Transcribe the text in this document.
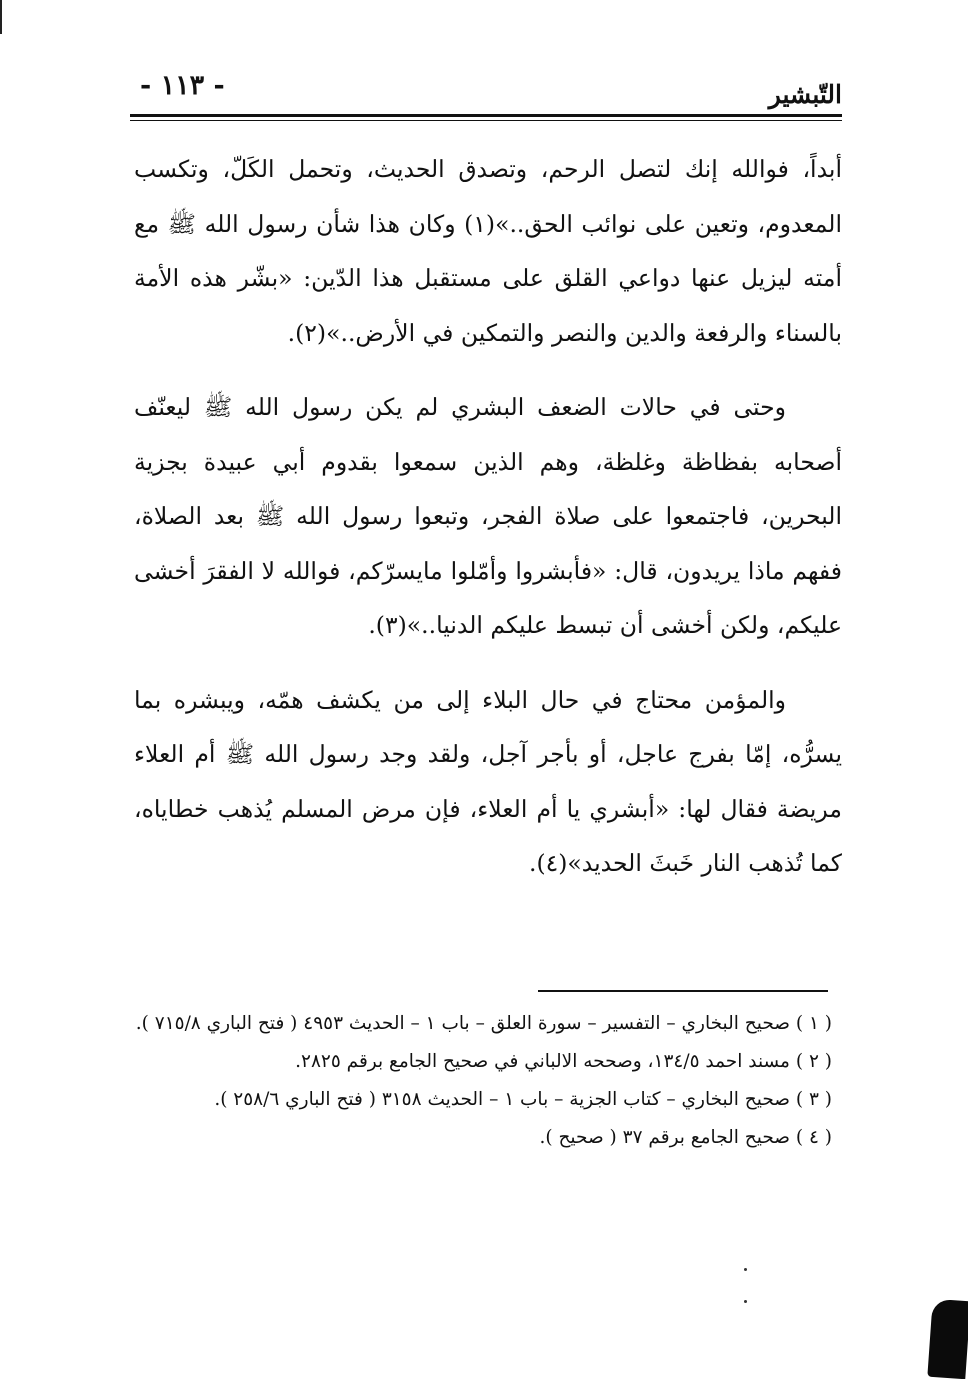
التّبشير
- ١١٣ -

أبداً، فوالله إنك لتصل الرحم، وتصدق الحديث، وتحمل الكَلّ، وتكسب المعدوم، وتعين على نوائب الحق..»(١) وكان هذا شأن رسول الله ﷺ مع أمته ليزيل عنها دواعي القلق على مستقبل هذا الدّين: «بشّر هذه الأمة بالسناء والرفعة والدين والنصر والتمكين في الأرض..»(٢).

وحتى في حالات الضعف البشري لم يكن رسول الله ﷺ ليعنّف أصحابه بفظاظة وغلظة، وهم الذين سمعوا بقدوم أبي عبيدة بجزية البحرين، فاجتمعوا على صلاة الفجر، وتبعوا رسول الله ﷺ بعد الصلاة، ففهم ماذا يريدون، قال: «فأبشروا وأمّلوا مايسرّكم، فوالله لا الفقرَ أخشى عليكم، ولكن أخشى أن تبسط عليكم الدنيا..»(٣).

والمؤمن محتاج في حال البلاء إلى من يكشف همّه، ويبشره بما يسرُّه، إمّا بفرج عاجل، أو بأجر آجل، ولقد وجد رسول الله ﷺ أم العلاء مريضة فقال لها: «أبشري يا أم العلاء، فإن مرض المسلم يُذهب خطاياه، كما تُذهب النار خَبثَ الحديد»(٤).

( ١ ) صحيح البخاري – التفسير – سورة العلق – باب ١ – الحديث ٤٩٥٣ ( فتح الباري ٧١٥/٨ ).

( ٢ ) مسند احمد ١٣٤/٥، وصححه الالباني في صحيح الجامع برقم ٢٨٢٥.

( ٣ ) صحيح البخاري – كتاب الجزية – باب ١ – الحديث ٣١٥٨ ( فتح الباري ٢٥٨/٦ ).

( ٤ ) صحيح الجامع برقم ٣٧ ( صحيح ).
